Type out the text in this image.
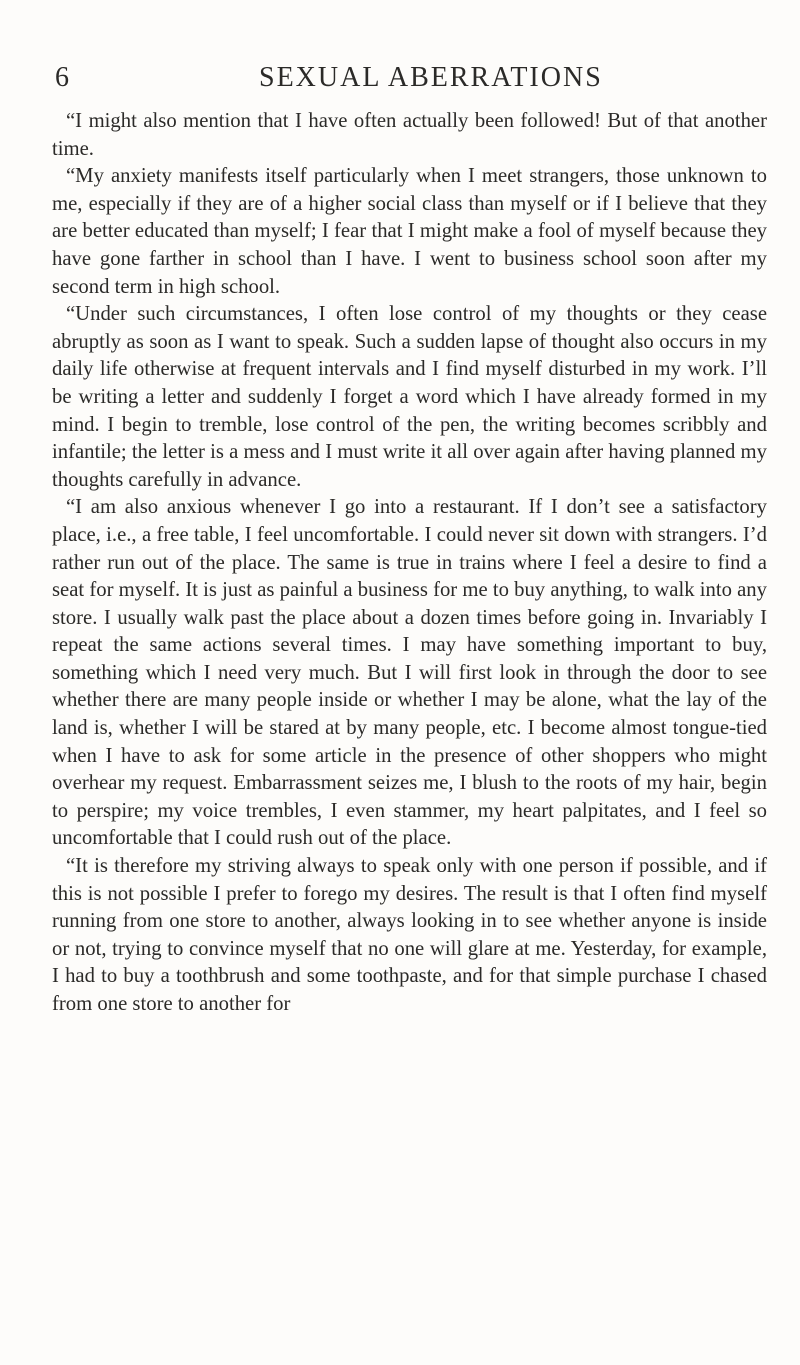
6	SEXUAL ABERRATIONS

“I might also mention that I have often actually been followed! But of that another time.

“My anxiety manifests itself particularly when I meet strangers, those unknown to me, especially if they are of a higher social class than myself or if I believe that they are better educated than myself; I fear that I might make a fool of myself because they have gone farther in school than I have. I went to business school soon after my second term in high school.

“Under such circumstances, I often lose control of my thoughts or they cease abruptly as soon as I want to speak. Such a sudden lapse of thought also occurs in my daily life otherwise at frequent intervals and I find myself disturbed in my work. I’ll be writing a letter and suddenly I forget a word which I have already formed in my mind. I begin to tremble, lose control of the pen, the writing becomes scribbly and infantile; the letter is a mess and I must write it all over again after having planned my thoughts carefully in advance.

“I am also anxious whenever I go into a restaurant. If I don’t see a satisfactory place, i.e., a free table, I feel uncomfortable. I could never sit down with strangers. I’d rather run out of the place. The same is true in trains where I feel a desire to find a seat for myself. It is just as painful a business for me to buy anything, to walk into any store. I usually walk past the place about a dozen times before going in. Invariably I repeat the same actions several times. I may have something important to buy, something which I need very much. But I will first look in through the door to see whether there are many people inside or whether I may be alone, what the lay of the land is, whether I will be stared at by many people, etc. I become almost tongue-tied when I have to ask for some article in the presence of other shoppers who might overhear my request. Embarrassment seizes me, I blush to the roots of my hair, begin to perspire; my voice trembles, I even stammer, my heart palpitates, and I feel so uncomfortable that I could rush out of the place.

“It is therefore my striving always to speak only with one person if possible, and if this is not possible I prefer to forego my desires. The result is that I often find myself running from one store to another, always looking in to see whether anyone is inside or not, trying to convince myself that no one will glare at me. Yesterday, for example, I had to buy a toothbrush and some toothpaste, and for that simple purchase I chased from one store to another for
